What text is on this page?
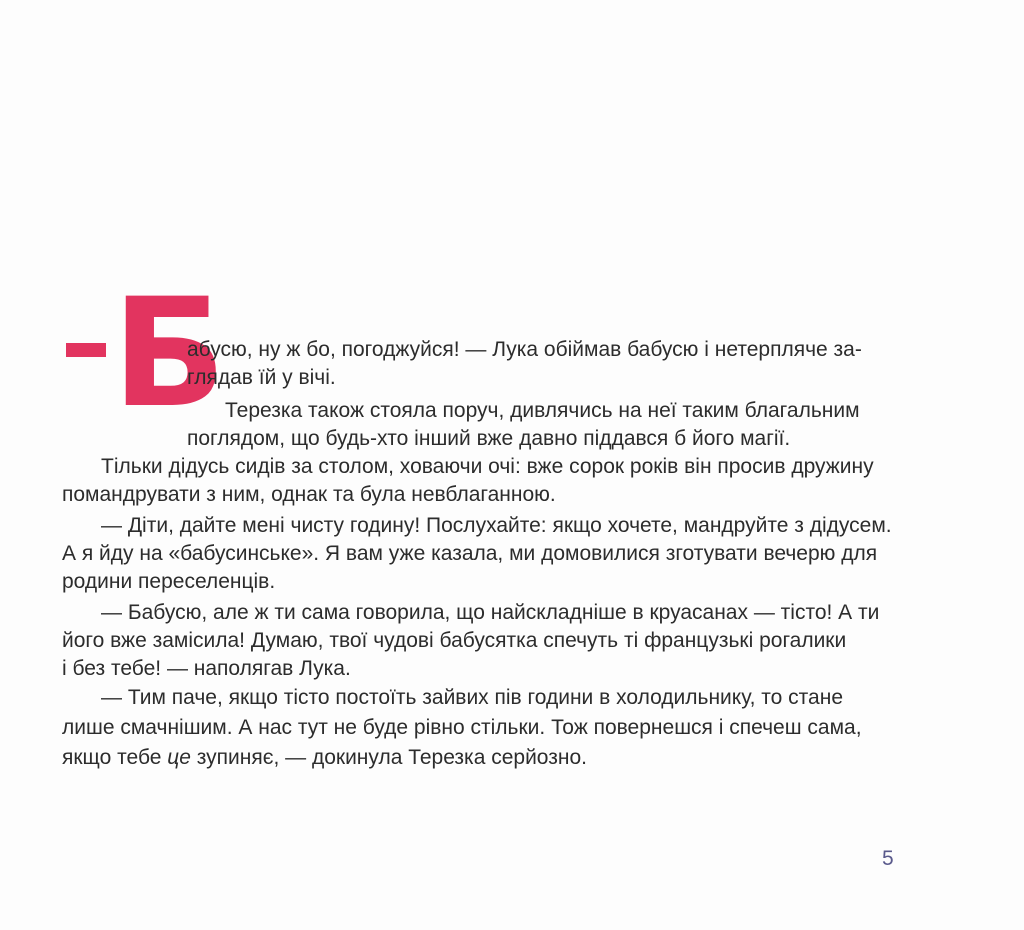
Б

абусю, ну ж бо, погоджуйся! — Лука обіймав бабусю і нетерпляче за-

глядав їй у вічі.

Терезка також стояла поруч, дивлячись на неї таким благальним

поглядом, що будь-хто інший вже давно піддався б його магії.

Тільки дідусь сидів за столом, ховаючи очі: вже сорок років він просив дружину

помандрувати з ним, однак та була невблаганною.

— Діти, дайте мені чисту годину! Послухайте: якщо хочете, мандруйте з дідусем.

А я йду на «бабусинське». Я вам уже казала, ми домовилися зготувати вечерю для

родини переселенців.

— Бабусю, але ж ти сама говорила, що найскладніше в круасанах — тісто! А ти

його вже замісила! Думаю, твої чудові бабусятка спечуть ті французькі рогалики

і без тебе! — наполягав Лука.

— Тим паче, якщо тісто постоїть зайвих пів години в холодильнику, то стане

лише смачнішим. А нас тут не буде рівно стільки. Тож повернешся і спечеш сама,

якщо тебе це зупиняє, — докинула Терезка серйозно.

5
